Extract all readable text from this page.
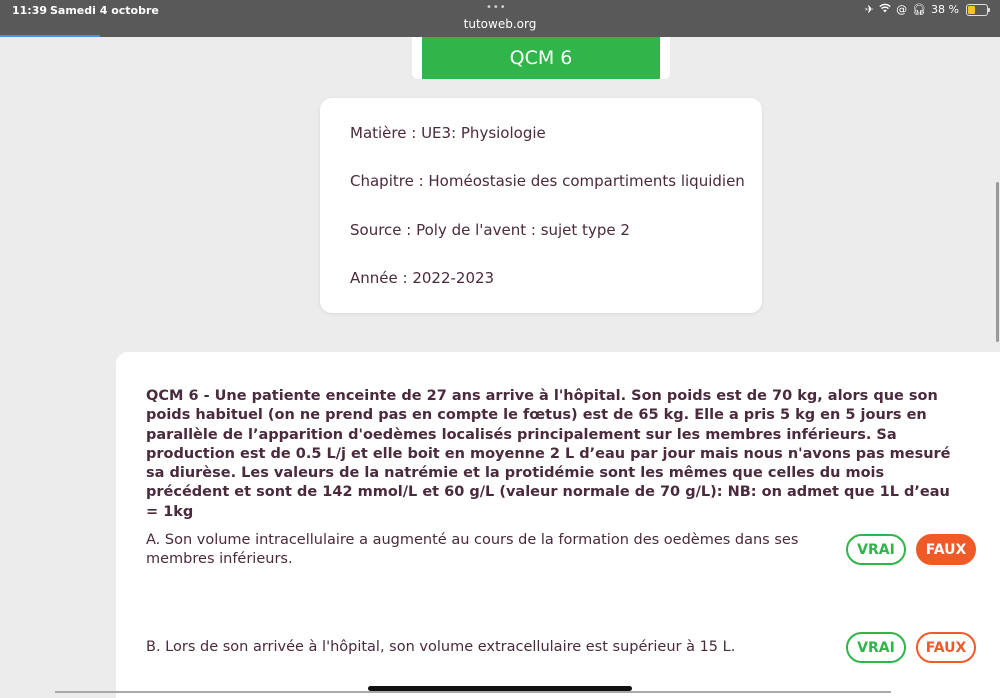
11:39 Samedi 4 octobre	•••
tutoweb.org
✈ @ 🎧︎ 38 %
QCM 6
Matière : UE3: Physiologie
Chapitre : Homéostasie des compartiments liquidien
Source : Poly de l'avent : sujet type 2
Année : 2022-2023
QCM 6 - Une patiente enceinte de 27 ans arrive à l'hôpital. Son poids est de 70 kg, alors que son poids habituel (on ne prend pas en compte le fœtus) est de 65 kg. Elle a pris 5 kg en 5 jours en parallèle de l’apparition d'oedèmes localisés principalement sur les membres inférieurs. Sa production est de 0.5 L/j et elle boit en moyenne 2 L d’eau par jour mais nous n'avons pas mesuré sa diurèse. Les valeurs de la natrémie et la protidémie sont les mêmes que celles du mois précédent et sont de 142 mmol/L et 60 g/L (valeur normale de 70 g/L): NB: on admet que 1L d’eau = 1kg
A. Son volume intracellulaire a augmenté au cours de la formation des oedèmes dans ses membres inférieurs.
VRAI	FAUX
B. Lors de son arrivée à l'hôpital, son volume extracellulaire est supérieur à 15 L.	VRAI	FAUX
